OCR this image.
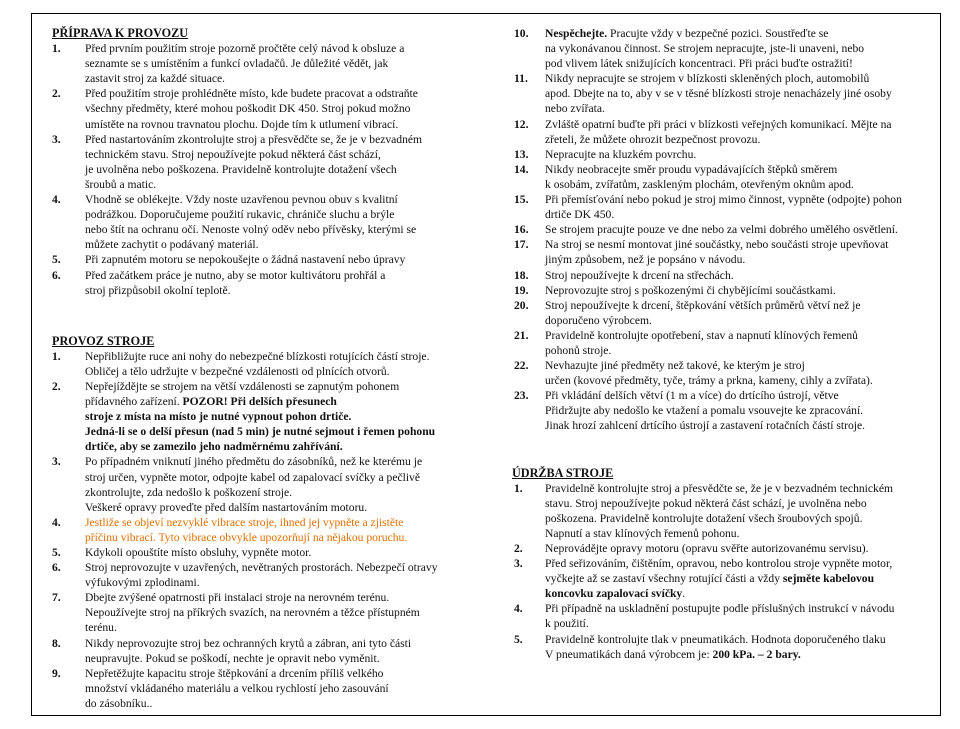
PŘÍPRAVA K PROVOZU
1. Před prvním použitím stroje pozorně pročtěte celý návod k obsluze a
seznamte se s umístěním a funkcí ovladačů. Je důležité vědět, jak
zastavit stroj za každé situace.
2. Před použitím stroje prohlédněte místo, kde budete pracovat a odstraňte
všechny předměty, které mohou poškodit DK 450. Stroj pokud možno
umístěte na rovnou travnatou plochu. Dojde tím k utlumení vibrací.
3. Před nastartováním zkontrolujte stroj a přesvědčte se, že je v bezvadném
technickém stavu. Stroj nepoužívejte pokud některá část schází,
je uvolněna nebo poškozena. Pravidelně kontrolujte dotažení všech
šroubů a matic.
4. Vhodně se oblékejte. Vždy noste uzavřenou pevnou obuv s kvalitní
podrážkou. Doporučujeme použití rukavic, chrániče sluchu a brýle
nebo štít na ochranu očí. Nenoste volný oděv nebo přívěsky, kterými se
můžete zachytit o podávaný materiál.
5. Při zapnutém motoru se nepokoušejte o žádná nastavení nebo úpravy
6. Před začátkem práce je nutno, aby se motor kultivátoru prohřál a
stroj přizpůsobil okolní teplotě.
PROVOZ STROJE
1. Nepřibližujte ruce ani nohy do nebezpečné blízkosti rotujících částí stroje.
Obličej a tělo udržujte v bezpečné vzdálenosti od plnících otvorů.
2. Nepřejíždějte se strojem na větší vzdálenosti se zapnutým pohonem
přídavného zařízení. POZOR! Při delších přesunech
stroje z místa na místo je nutné vypnout pohon drtiče.
Jedná-li se o delší přesun (nad 5 min) je nutné sejmout i řemen pohonu
drtiče, aby se zamezilo jeho nadměrnému zahřívání.
3. Po případném vniknutí jiného předmětu do zásobníků, než ke kterému je
stroj určen, vypněte motor, odpojte kabel od zapalovací svíčky a pečlivě
zkontrolujte, zda nedošlo k poškození stroje.
Veškeré opravy proveďte před dalším nastartováním motoru.
4. Jestliže se objeví nezvyklé vibrace stroje, ihned jej vypněte a zjistěte
příčinu vibrací. Tyto vibrace obvykle upozorňují na nějakou poruchu.
5. Kdykoli opouštíte místo obsluhy, vypněte motor.
6. Stroj neprovozujte v uzavřených, nevětraných prostorách. Nebezpečí otravy
výfukovými zplodinami.
7. Dbejte zvýšené opatrnosti při instalaci stroje na nerovném terénu.
Nepoužívejte stroj na příkrých svazích, na nerovném a těžce přístupném
terénu.
8. Nikdy neprovozujte stroj bez ochranných krytů a zábran, ani tyto části
neupravujte. Pokud se poškodí, nechte je opravit nebo vyměnit.
9. Nepřetěžujte kapacitu stroje štěpkování a drcením příliš velkého
množství vkládaného materiálu a velkou rychlostí jeho zasouvání
do zásobníku..
10. Nespěchejte. Pracujte vždy v bezpečné pozici. Soustřeďte se
na vykonávanou činnost. Se strojem nepracujte, jste-li unaveni, nebo
pod vlivem látek snižujících koncentraci. Při práci buďte ostražití!
11. Nikdy nepracujte se strojem v blízkosti skleněných ploch, automobilů
apod. Dbejte na to, aby v se v těsné blízkosti stroje nenacházely jiné osoby
nebo zvířata.
12. Zvláště opatrní buďte při práci v blízkosti veřejných komunikací. Mějte na
zřeteli, že můžete ohrozit bezpečnost provozu.
13. Nepracujte na kluzkém povrchu.
14. Nikdy neobracejte směr proudu vypadávajících štěpků směrem
k osobám, zvířatům, zaskleným plochám, otevřeným oknům apod.
15. Při přemísťování nebo pokud je stroj mimo činnost, vypněte (odpojte) pohon
drtiče DK 450.
16. Se strojem pracujte pouze ve dne nebo za velmi dobrého umělého osvětlení.
17. Na stroj se nesmí montovat jiné součástky, nebo součásti stroje upevňovat
jiným způsobem, než je popsáno v návodu.
18. Stroj nepoužívejte k drcení na střechách.
19. Neprovozujte stroj s poškozenými či chybějícími součástkami.
20. Stroj nepoužívejte k drcení, štěpkování větších průměrů větví než je
doporučeno výrobcem.
21. Pravidelně kontrolujte opotřebení, stav a napnutí klínových řemenů
pohonů stroje.
22. Nevhazujte jiné předměty než takové, ke kterým je stroj
určen (kovové předměty, tyče, trámy a prkna, kameny, cihly a zvířata).
23. Při vkládání delších větví (1 m a více) do drtícího ústrojí, větve
Přidržujte aby nedošlo ke vtažení a pomalu vsouvejte ke zpracování.
Jinak hrozí zahlcení drtícího ústrojí a zastavení rotačních částí stroje.
ÚDRŽBA STROJE
1. Pravidelně kontrolujte stroj a přesvědčte se, že je v bezvadném technickém
stavu. Stroj nepoužívejte pokud některá část schází, je uvolněna nebo
poškozena. Pravidelně kontrolujte dotažení všech šroubových spojů.
Napnutí a stav klínových řemenů pohonu.
2. Neprovádějte opravy motoru (opravu svěřte autorizovanému servisu).
3. Před seřizováním, čištěním, opravou, nebo kontrolou stroje vypněte motor,
vyčkejte až se zastaví všechny rotující části a vždy sejměte kabelovou
koncovku zapalovací svíčky.
4. Při případně na uskladnění postupujte podle příslušných instrukcí v návodu
k použití.
5. Pravidelně kontrolujte tlak v pneumatikách. Hodnota doporučeného tlaku
V pneumatikách daná výrobcem je: 200 kPa. – 2 bary.
